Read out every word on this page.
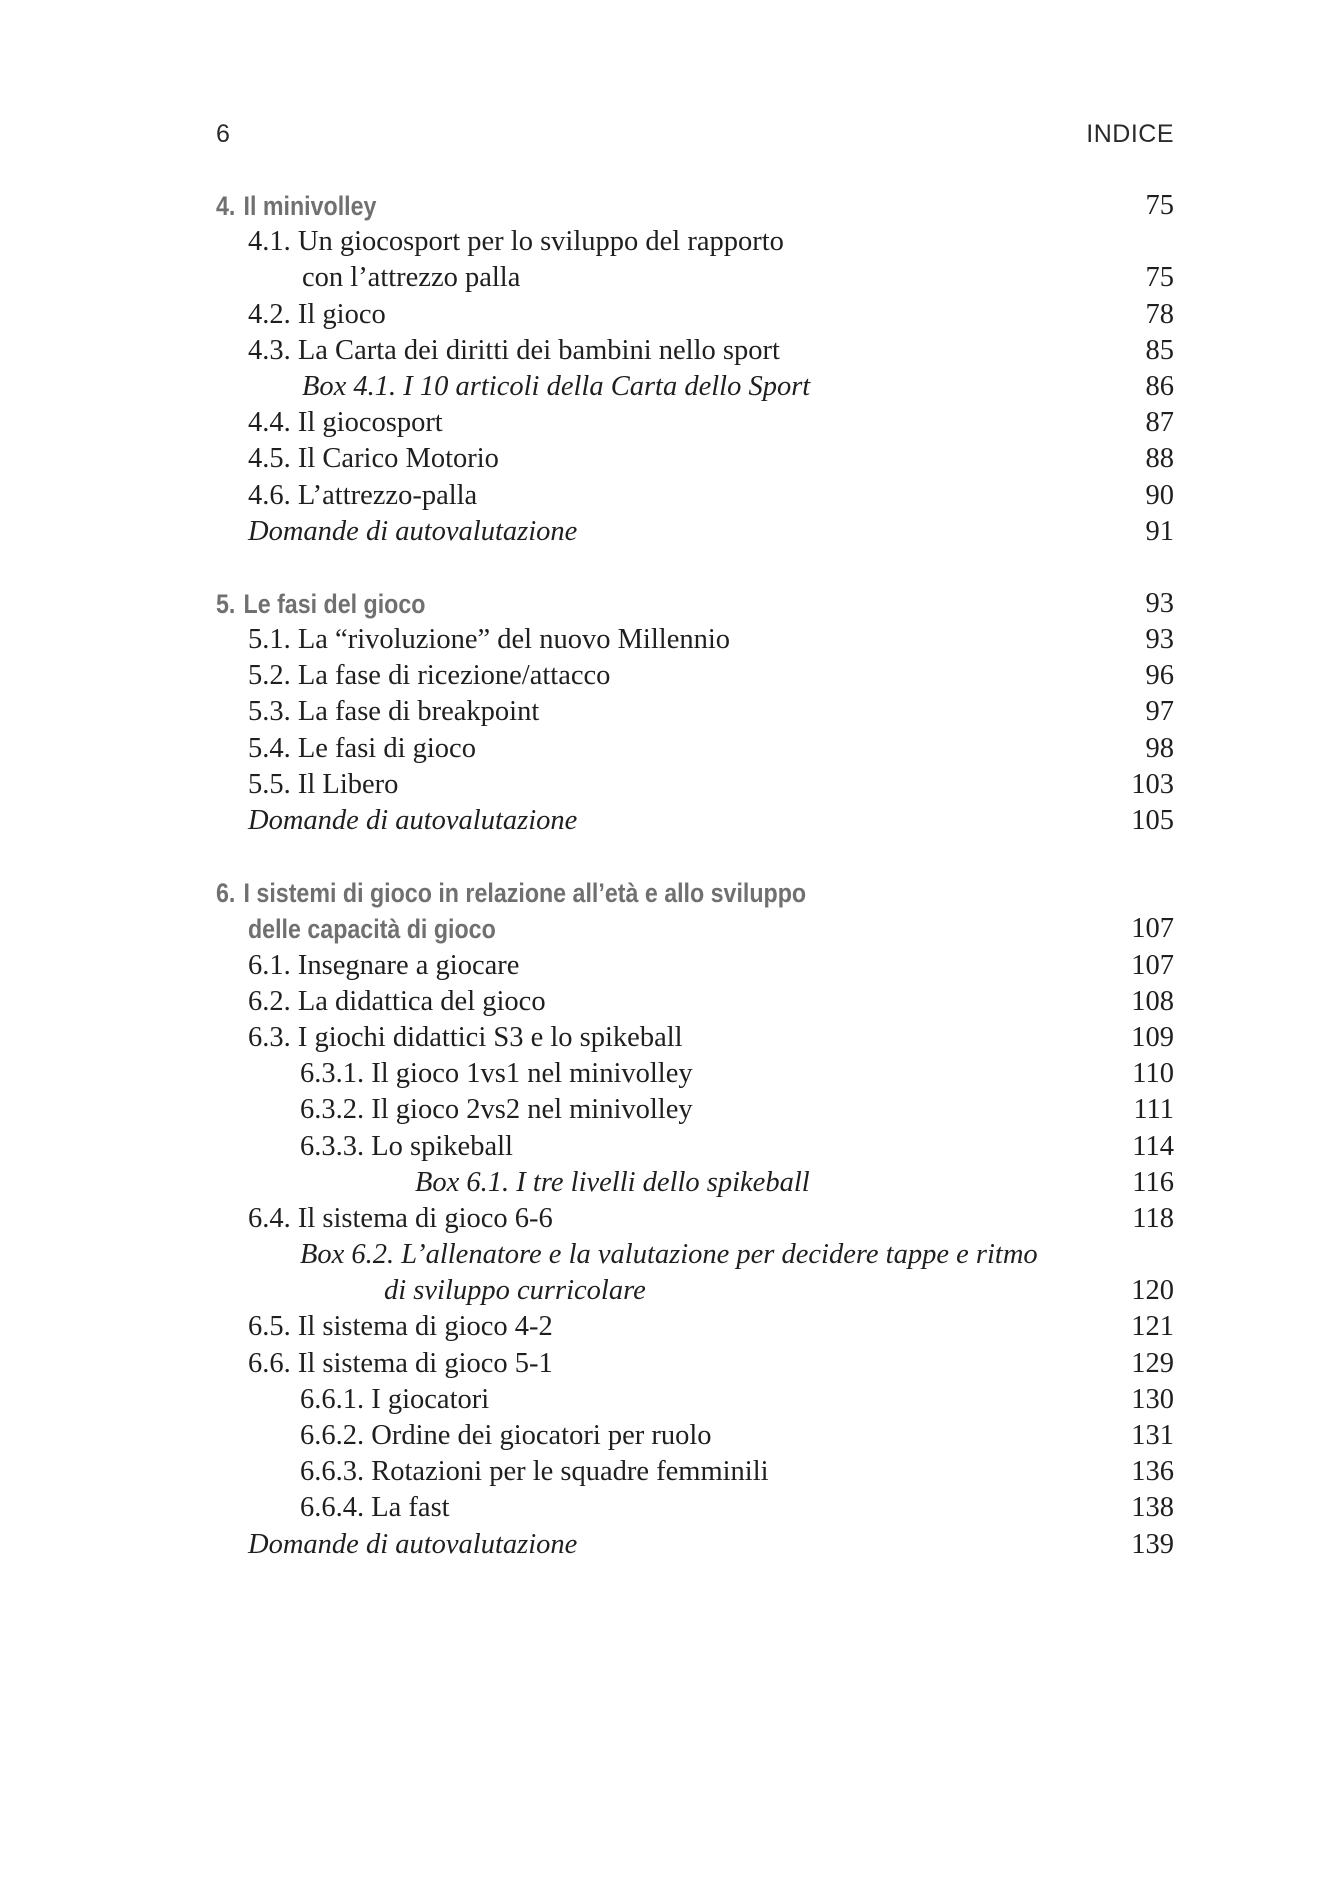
6	INDICE
4. Il minivolley	75
4.1. Un giocosport per lo sviluppo del rapporto
con l’attrezzo palla	75
4.2. Il gioco	78
4.3. La Carta dei diritti dei bambini nello sport	85
Box 4.1. I 10 articoli della Carta dello Sport	86
4.4. Il giocosport	87
4.5. Il Carico Motorio	88
4.6. L’attrezzo-palla	90
Domande di autovalutazione	91
5. Le fasi del gioco	93
5.1. La “rivoluzione” del nuovo Millennio	93
5.2. La fase di ricezione/attacco	96
5.3. La fase di breakpoint	97
5.4. Le fasi di gioco	98
5.5. Il Libero	103
Domande di autovalutazione	105
6. I sistemi di gioco in relazione all’età e allo sviluppo
delle capacità di gioco	107
6.1. Insegnare a giocare	107
6.2. La didattica del gioco	108
6.3. I giochi didattici S3 e lo spikeball	109
6.3.1. Il gioco 1vs1 nel minivolley	110
6.3.2. Il gioco 2vs2 nel minivolley	111
6.3.3. Lo spikeball	114
Box 6.1. I tre livelli dello spikeball	116
6.4. Il sistema di gioco 6-6	118
Box 6.2. L’allenatore e la valutazione per decidere tappe e ritmo
di sviluppo curricolare	120
6.5. Il sistema di gioco 4-2	121
6.6. Il sistema di gioco 5-1	129
6.6.1. I giocatori	130
6.6.2. Ordine dei giocatori per ruolo	131
6.6.3. Rotazioni per le squadre femminili	136
6.6.4. La fast	138
Domande di autovalutazione	139
